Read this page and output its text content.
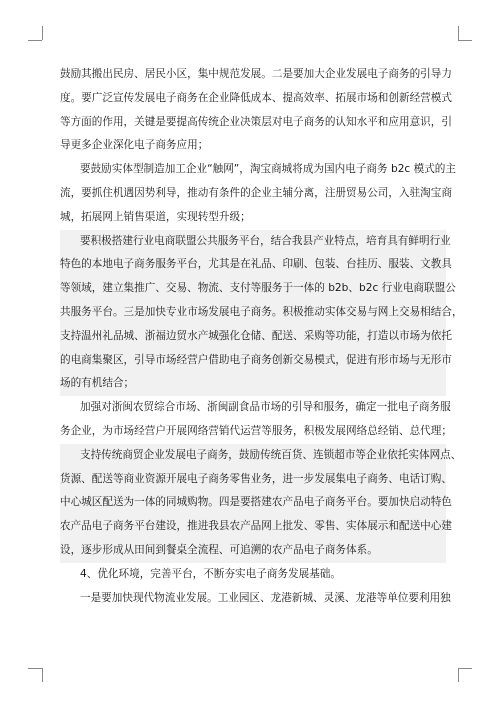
鼓励其搬出民房、居民小区，集中规范发展。二是要加大企业发展电子商务的引导力
度。要广泛宣传发展电子商务在企业降低成本、提高效率、拓展市场和创新经营模式
等方面的作用，关键是要提高传统企业决策层对电子商务的认知水平和应用意识，引
导更多企业深化电子商务应用；
要鼓励实体型制造加工企业“触网”，淘宝商城将成为国内电子商务 b2c 模式的主
流，要抓住机遇因势利导，推动有条件的企业主辅分离，注册贸易公司，入驻淘宝商
城，拓展网上销售渠道，实现转型升级；
要积极搭建行业电商联盟公共服务平台，结合我县产业特点，培育具有鲜明行业
特色的本地电子商务服务平台，尤其是在礼品、印刷、包装、台挂历、服装、文教具
等领域，建立集推广、交易、物流、支付等服务于一体的 b2b、b2c 行业电商联盟公
共服务平台。三是加快专业市场发展电子商务。积极推动实体交易与网上交易相结合，
支持温州礼品城、浙福边贸水产城强化仓储、配送、采购等功能，打造以市场为依托
的电商集聚区，引导市场经营户借助电子商务创新交易模式，促进有形市场与无形市
场的有机结合；
加强对浙闽农贸综合市场、浙闽副食品市场的引导和服务，确定一批电子商务服
务企业，为市场经营户开展网络营销代运营等服务，积极发展网络总经销、总代理；
支持传统商贸企业发展电子商务，鼓励传统百货、连锁超市等企业依托实体网点、
货源、配送等商业资源开展电子商务零售业务，进一步发展集电子商务、电话订购、
中心城区配送为一体的同城购物。四是要搭建农产品电子商务平台。要加快启动特色
农产品电子商务平台建设，推进我县农产品网上批发、零售、实体展示和配送中心建
设，逐步形成从田间到餐桌全流程、可追溯的农产品电子商务体系。
4、优化环境，完善平台，不断夯实电子商务发展基础。
一是要加快现代物流业发展。工业园区、龙港新城、灵溪、龙港等单位要利用独
